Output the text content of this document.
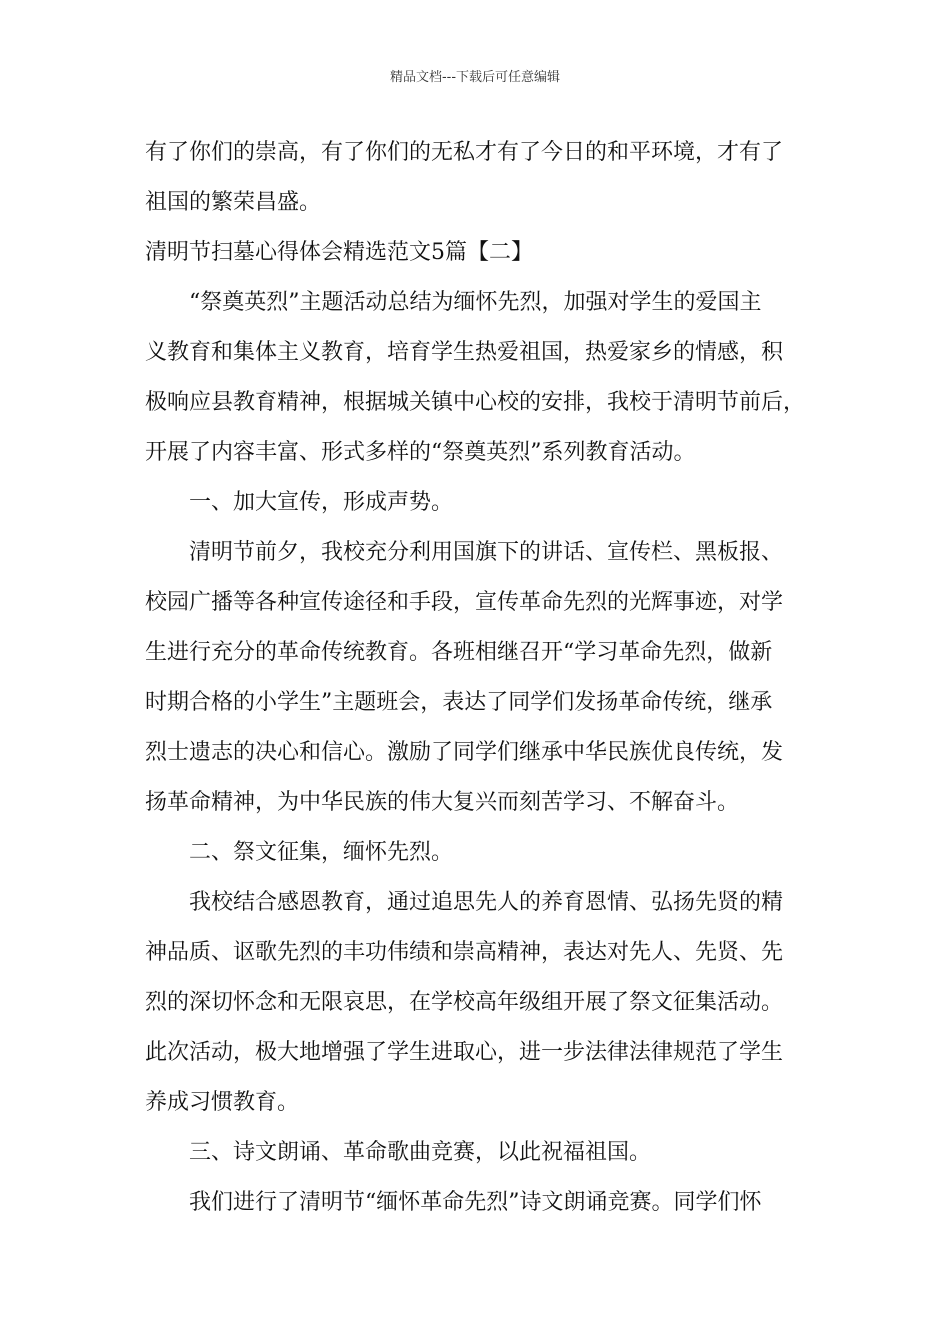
精品文档---下载后可任意编辑
有了你们的崇高，有了你们的无私才有了今日的和平环境，才有了
祖国的繁荣昌盛。
清明节扫墓心得体会精选范文5篇【二】
“祭奠英烈”主题活动总结为缅怀先烈，加强对学生的爱国主
义教育和集体主义教育，培育学生热爱祖国，热爱家乡的情感，积
极响应县教育精神，根据城关镇中心校的安排，我校于清明节前后，
开展了内容丰富、形式多样的“祭奠英烈”系列教育活动。
一、加大宣传，形成声势。
清明节前夕，我校充分利用国旗下的讲话、宣传栏、黑板报、
校园广播等各种宣传途径和手段，宣传革命先烈的光辉事迹，对学
生进行充分的革命传统教育。各班相继召开“学习革命先烈，做新
时期合格的小学生”主题班会，表达了同学们发扬革命传统，继承
烈士遗志的决心和信心。激励了同学们继承中华民族优良传统，发
扬革命精神，为中华民族的伟大复兴而刻苦学习、不解奋斗。
二、祭文征集，缅怀先烈。
我校结合感恩教育，通过追思先人的养育恩情、弘扬先贤的精
神品质、讴歌先烈的丰功伟绩和崇高精神，表达对先人、先贤、先
烈的深切怀念和无限哀思，在学校高年级组开展了祭文征集活动。
此次活动，极大地增强了学生进取心，进一步法律法律规范了学生
养成习惯教育。
三、诗文朗诵、革命歌曲竞赛，以此祝福祖国。
我们进行了清明节“缅怀革命先烈”诗文朗诵竞赛。同学们怀
